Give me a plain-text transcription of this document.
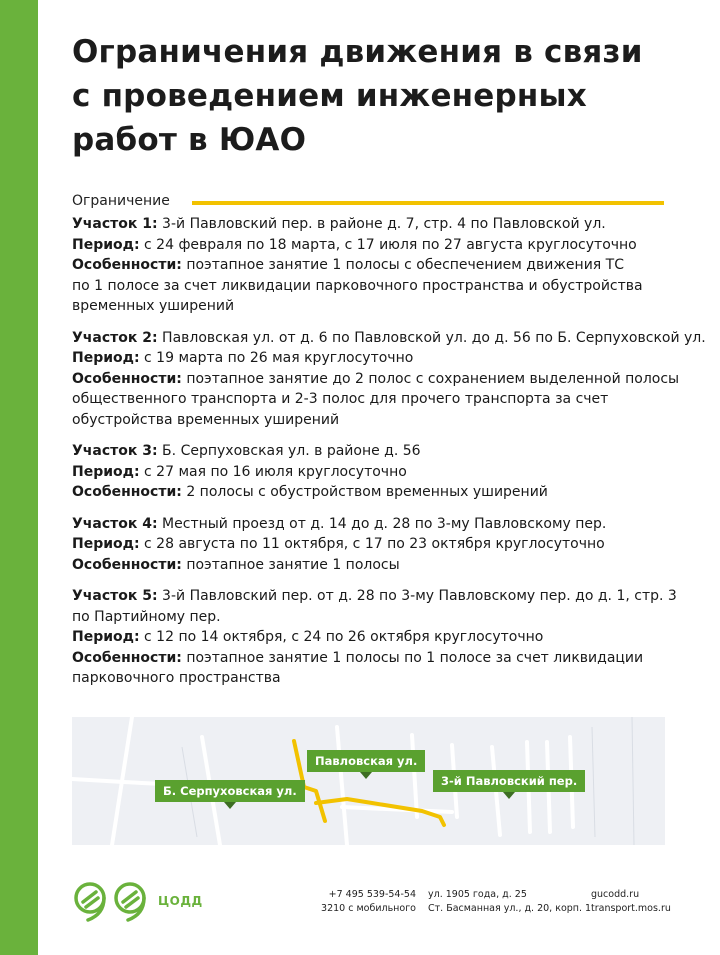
Ограничения движения в связи
с проведением инженерных
работ в ЮАО
Ограничение
Участок 1: 3-й Павловский пер. в районе д. 7, стр. 4 по Павловской ул.
Период: с 24 февраля по 18 марта, с 17 июля по 27 августа круглосуточно
Особенности: поэтапное занятие 1 полосы с обеспечением движения ТС
по 1 полосе за счет ликвидации парковочного пространства и обустройства
временных уширений
Участок 2: Павловская ул. от д. 6 по Павловской ул. до д. 56 по Б. Серпуховской ул.
Период: с 19 марта по 26 мая круглосуточно
Особенности: поэтапное занятие до 2 полос с сохранением выделенной полосы
общественного транспорта и 2-3 полос для прочего транспорта за счет
обустройства временных уширений
Участок 3: Б. Серпуховская ул. в районе д. 56
Период: с 27 мая по 16 июля круглосуточно
Особенности: 2 полосы с обустройством временных уширений
Участок 4: Местный проезд от д. 14 до д. 28 по 3-му Павловскому пер.
Период: с 28 августа по 11 октября, с 17 по 23 октября круглосуточно
Особенности: поэтапное занятие 1 полосы
Участок 5: 3-й Павловский пер. от д. 28 по 3-му Павловскому пер. до д. 1, стр. 3
по Партийному пер.
Период: с 12 по 14 октября, с 24 по 26 октября круглосуточно
Особенности: поэтапное занятие 1 полосы по 1 полосе за счет ликвидации
парковочного пространства
Б. Серпуховская ул.
Павловская ул.
3-й Павловский пер.
ЦОДД	+7 495 539-54-54
3210 с мобильного
ул. 1905 года, д. 25
Ст. Басманная ул., д. 20, корп. 1
gucodd.ru
transport.mos.ru
